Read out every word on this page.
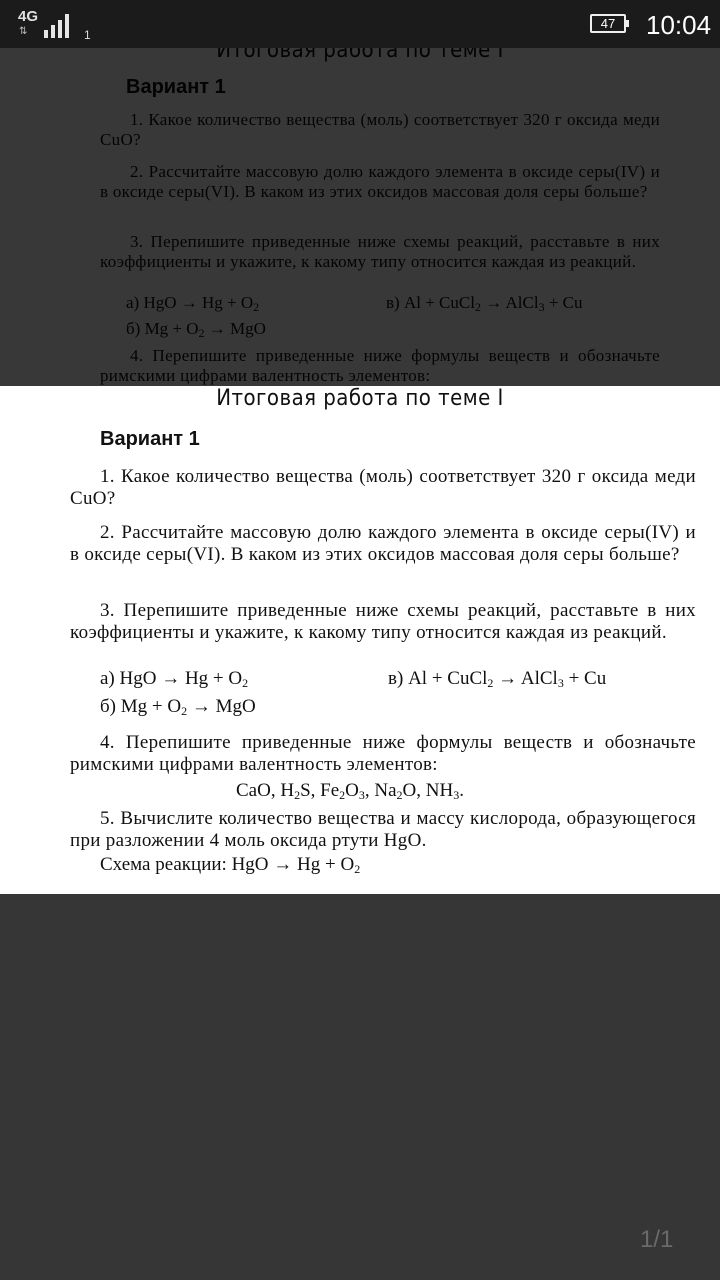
4G
⇅	1
47	10:04
Итоговая работа по теме I
Вариант 1
1. Какое количество вещества (моль) соответствует 320 г оксида меди CuO?
2. Рассчитайте массовую долю каждого элемента в оксиде серы(IV) и в оксиде серы(VI). В каком из этих оксидов массовая доля серы больше?
3. Перепишите приведенные ниже схемы реакций, расставьте в них коэффициенты и укажите, к какому типу относится каждая из реакций.
а) HgO → $Hg + O_2$	в) Al + CuCl$_2$ → AlCl$_3$ + Cu
б) $Mg + O_2$ → MgO
4. Перепишите приведенные ниже формулы веществ и обозначьте римскими цифрами валентность элементов:
CaO, $H_2S$, $Fe_2O_3$, $Na_2O$, $NH_3$.
5. Вычислите количество вещества и массу кислорода, образующегося при разложении 4 моль оксида ртути HgO.
Схема реакции: HgO → $Hg + O_2$
1/1
